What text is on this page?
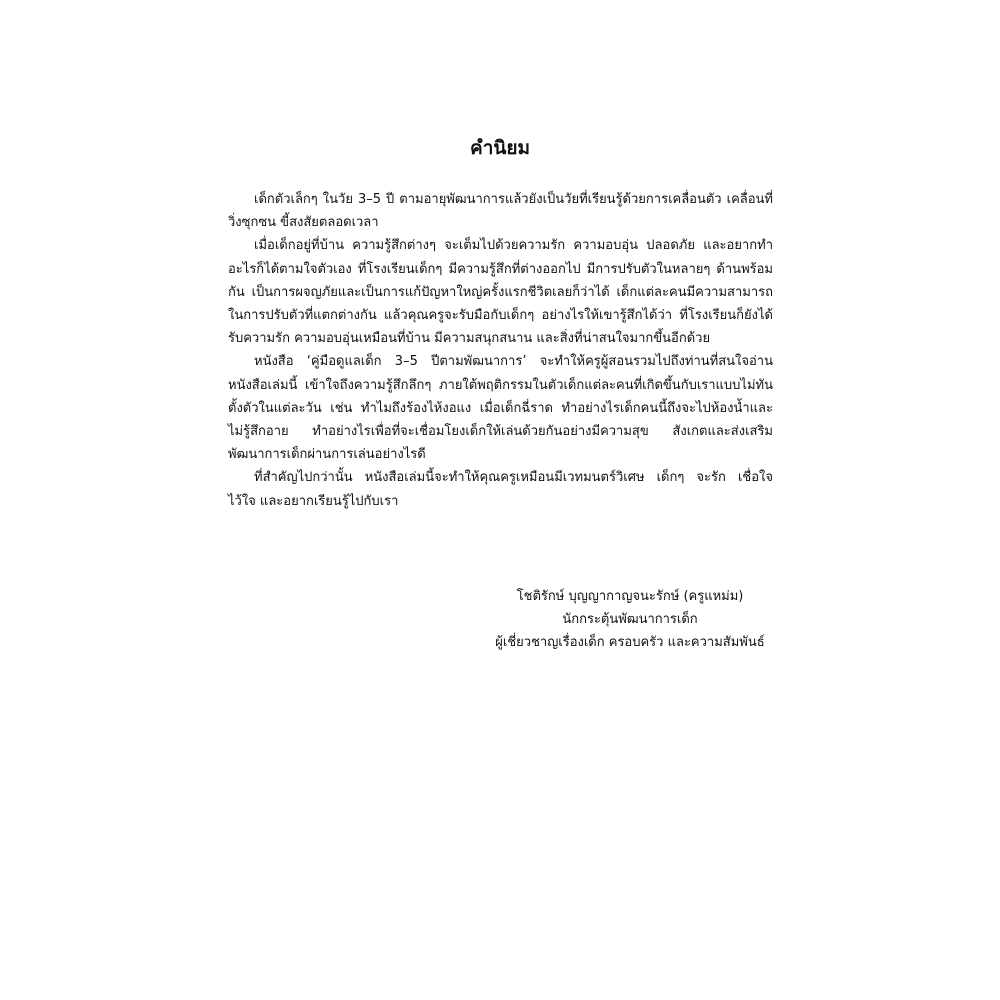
คำนิยม

เด็กตัวเล็กๆ ในวัย 3–5 ปี ตามอายุพัฒนาการแล้วยังเป็นวัยที่เรียนรู้ด้วยการเคลื่อนตัว เคลื่อนที่ วิ่งซุกซน ขี้สงสัยตลอดเวลา

เมื่อเด็กอยู่ที่บ้าน ความรู้สึกต่างๆ จะเต็มไปด้วยความรัก ความอบอุ่น ปลอดภัย และอยากทำอะไรก็ได้ตามใจตัวเอง ที่โรงเรียนเด็กๆ มีความรู้สึกที่ต่างออกไป มีการปรับตัวในหลายๆ ด้านพร้อมกัน เป็นการผจญภัยและเป็นการแก้ปัญหาใหญ่ครั้งแรกชีวิตเลยก็ว่าได้ เด็กแต่ละคนมีความสามารถในการปรับตัวที่แตกต่างกัน แล้วคุณครูจะรับมือกับเด็กๆ อย่างไรให้เขารู้สึกได้ว่า ที่โรงเรียนก็ยังได้รับความรัก ความอบอุ่นเหมือนที่บ้าน มีความสนุกสนาน และสิ่งที่น่าสนใจมากขึ้นอีกด้วย

หนังสือ ‘คู่มือดูแลเด็ก 3–5 ปีตามพัฒนาการ’ จะทำให้ครูผู้สอนรวมไปถึงท่านที่สนใจอ่านหนังสือเล่มนี้ เข้าใจถึงความรู้สึกลึกๆ ภายใต้พฤติกรรมในตัวเด็กแต่ละคนที่เกิดขึ้นกับเราแบบไม่ทันตั้งตัวในแต่ละวัน เช่น ทำไมถึงร้องไห้งอแง เมื่อเด็กฉี่ราด ทำอย่างไรเด็กคนนี้ถึงจะไปห้องน้ำและไม่รู้สึกอาย ทำอย่างไรเพื่อที่จะเชื่อมโยงเด็กให้เล่นด้วยกันอย่างมีความสุข สังเกตและส่งเสริมพัฒนาการเด็กผ่านการเล่นอย่างไรดี

ที่สำคัญไปกว่านั้น หนังสือเล่มนี้จะทำให้คุณครูเหมือนมีเวทมนตร์วิเศษ เด็กๆ จะรัก เชื่อใจ ไว้ใจ และอยากเรียนรู้ไปกับเรา

โชติรักษ์ บุญญากาญจนะรักษ์ (ครูแหม่ม)
นักกระตุ้นพัฒนาการเด็ก
ผู้เชี่ยวชาญเรื่องเด็ก ครอบครัว และความสัมพันธ์
